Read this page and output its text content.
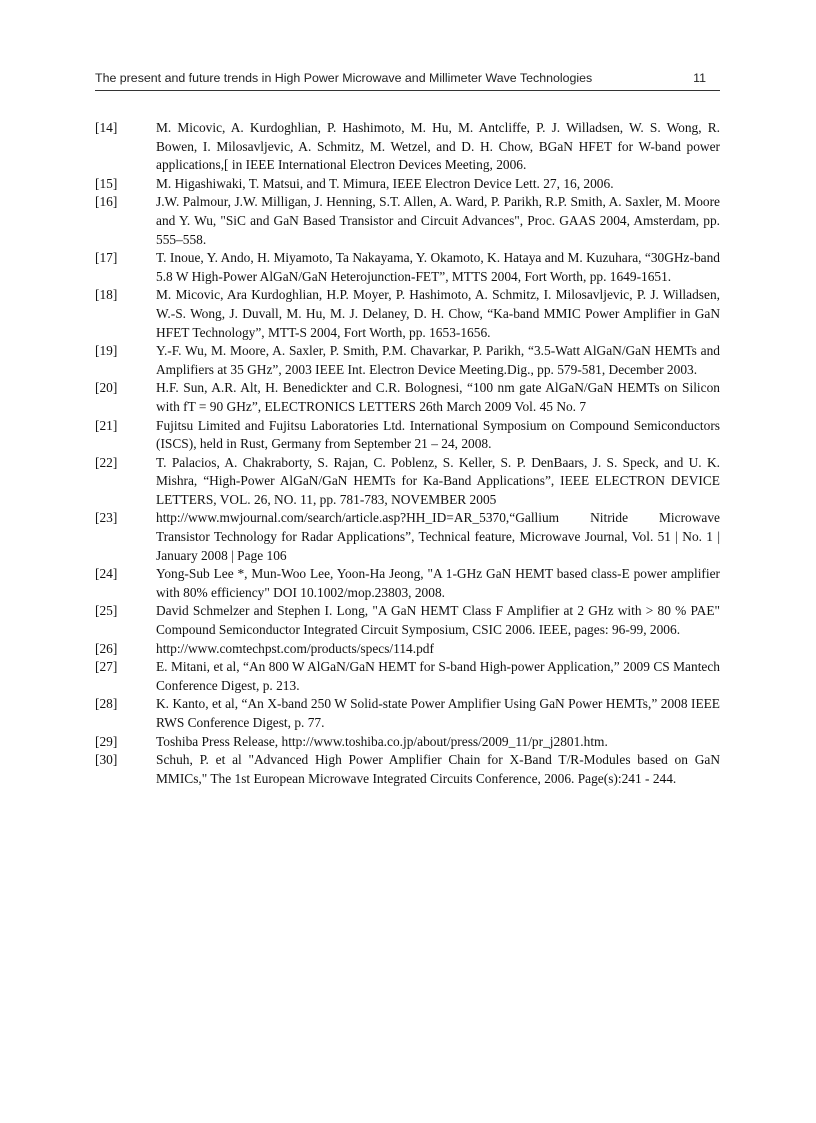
The present and future trends in High Power Microwave and Millimeter Wave Technologies	11
[14]	M. Micovic, A. Kurdoghlian, P. Hashimoto, M. Hu, M. Antcliffe, P. J. Willadsen, W. S. Wong, R. Bowen, I. Milosavljevic, A. Schmitz, M. Wetzel, and D. H. Chow, BGaN HFET for W-band power applications,[ in IEEE International Electron Devices Meeting, 2006.
[15]	M. Higashiwaki, T. Matsui, and T. Mimura, IEEE Electron Device Lett. 27, 16, 2006.
[16]	J.W. Palmour, J.W. Milligan, J. Henning, S.T. Allen, A. Ward, P. Parikh, R.P. Smith, A. Saxler, M. Moore and Y. Wu, "SiC and GaN Based Transistor and Circuit Advances", Proc. GAAS 2004, Amsterdam, pp. 555–558.
[17]	T. Inoue, Y. Ando, H. Miyamoto, Ta Nakayama, Y. Okamoto, K. Hataya and M. Kuzuhara, “30GHz-band 5.8 W High-Power AlGaN/GaN Heterojunction-FET”, MTTS 2004, Fort Worth, pp. 1649-1651.
[18]	M. Micovic, Ara Kurdoghlian, H.P. Moyer, P. Hashimoto, A. Schmitz, I. Milosavljevic, P. J. Willadsen, W.-S. Wong, J. Duvall, M. Hu, M. J. Delaney, D. H. Chow, “Ka-band MMIC Power Amplifier in GaN HFET Technology”, MTT-S 2004, Fort Worth, pp. 1653-1656.
[19]	Y.-F. Wu, M. Moore, A. Saxler, P. Smith, P.M. Chavarkar, P. Parikh, “3.5-Watt AlGaN/GaN HEMTs and Amplifiers at 35 GHz”, 2003 IEEE Int. Electron Device Meeting.Dig., pp. 579-581, December 2003.
[20]	H.F. Sun, A.R. Alt, H. Benedickter and C.R. Bolognesi, “100 nm gate AlGaN/GaN HEMTs on Silicon with fT = 90 GHz”, ELECTRONICS LETTERS 26th March 2009 Vol. 45 No. 7
[21]	Fujitsu Limited and Fujitsu Laboratories Ltd. International Symposium on Compound Semiconductors (ISCS), held in Rust, Germany from September 21 – 24, 2008.
[22]	T. Palacios, A. Chakraborty, S. Rajan, C. Poblenz, S. Keller, S. P. DenBaars, J. S. Speck, and U. K. Mishra, “High-Power AlGaN/GaN HEMTs for Ka-Band Applications”, IEEE ELECTRON DEVICE LETTERS, VOL. 26, NO. 11, pp. 781-783, NOVEMBER 2005
[23]	http://www.mwjournal.com/search/article.asp?HH_ID=AR_5370,“Gallium Nitride Microwave Transistor Technology for Radar Applications”, Technical feature, Microwave Journal, Vol. 51 | No. 1 | January 2008 | Page 106
[24]	Yong-Sub Lee *, Mun-Woo Lee, Yoon-Ha Jeong, "A 1-GHz GaN HEMT based class-E power amplifier with 80% efficiency" DOI 10.1002/mop.23803, 2008.
[25]	David Schmelzer and Stephen I. Long, "A GaN HEMT Class F Amplifier at 2 GHz with > 80 % PAE" Compound Semiconductor Integrated Circuit Symposium, CSIC 2006. IEEE, pages: 96-99, 2006.
[26]	http://www.comtechpst.com/products/specs/114.pdf
[27]	E. Mitani, et al, “An 800 W AlGaN/GaN HEMT for S-band High-power Application,” 2009 CS Mantech Conference Digest, p. 213.
[28]	K. Kanto, et al, “An X-band 250 W Solid-state Power Amplifier Using GaN Power HEMTs,” 2008 IEEE RWS Conference Digest, p. 77.
[29]	Toshiba Press Release, http://www.toshiba.co.jp/about/press/2009_11/pr_j2801.htm.
[30]	Schuh, P. et al "Advanced High Power Amplifier Chain for X-Band T/R-Modules based on GaN MMICs," The 1st European Microwave Integrated Circuits Conference, 2006. Page(s):241 - 244.
